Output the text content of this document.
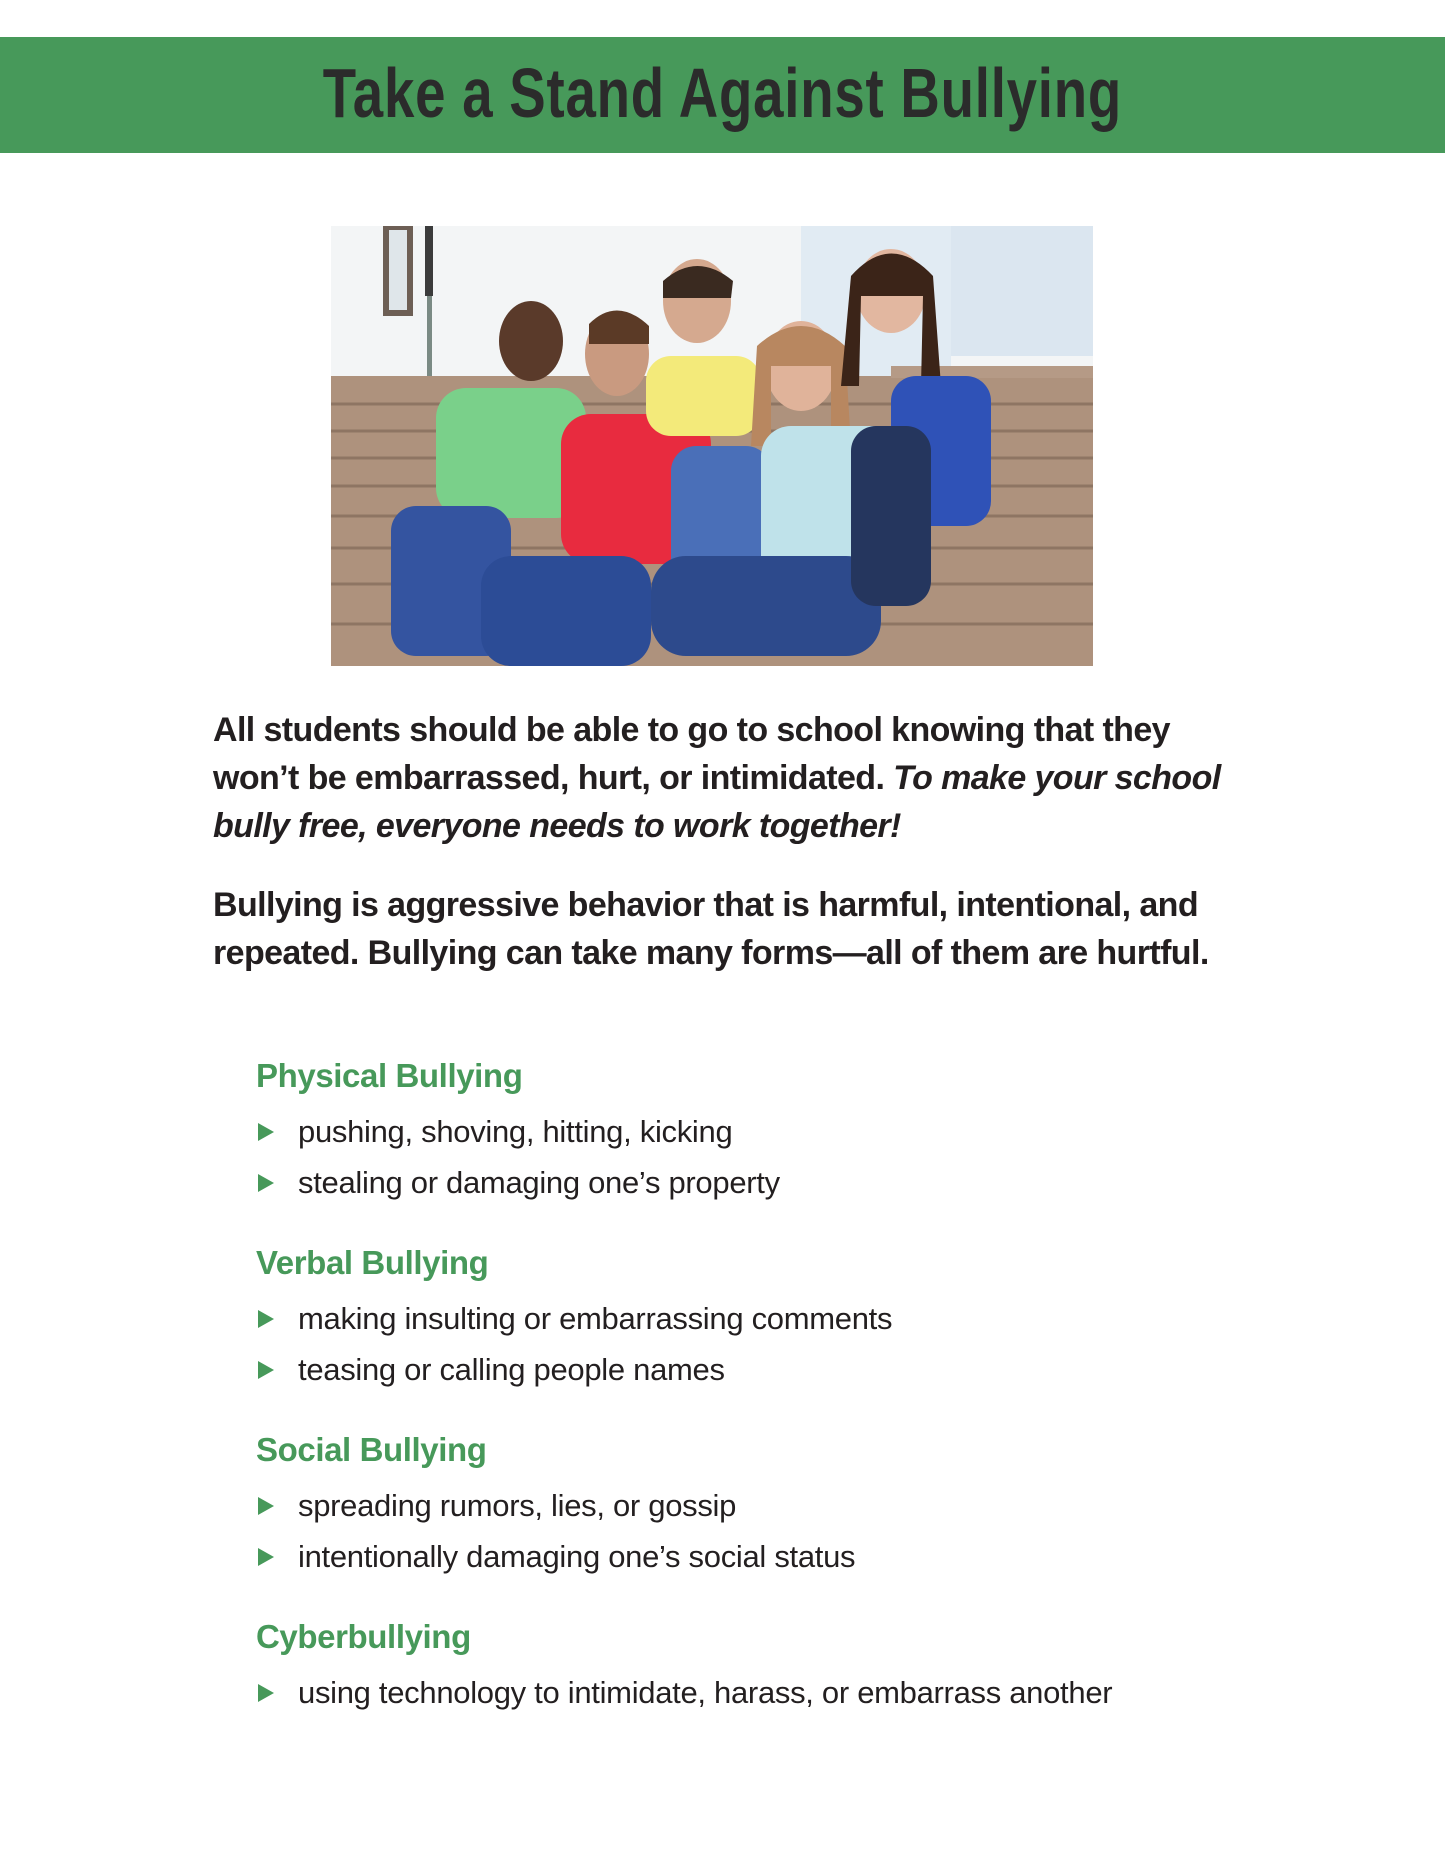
Take a Stand Against Bullying
All students should be able to go to school knowing that they won’t be embarrassed, hurt, or intimidated. To make your school bully free, everyone needs to work together!
Bullying is aggressive behavior that is harmful, intentional, and repeated. Bullying can take many forms—all of them are hurtful.
Physical Bullying
pushing, shoving, hitting, kicking
stealing or damaging one’s property
Verbal Bullying
making insulting or embarrassing comments
teasing or calling people names
Social Bullying
spreading rumors, lies, or gossip
intentionally damaging one’s social status
Cyberbullying
using technology to intimidate, harass, or embarrass another
